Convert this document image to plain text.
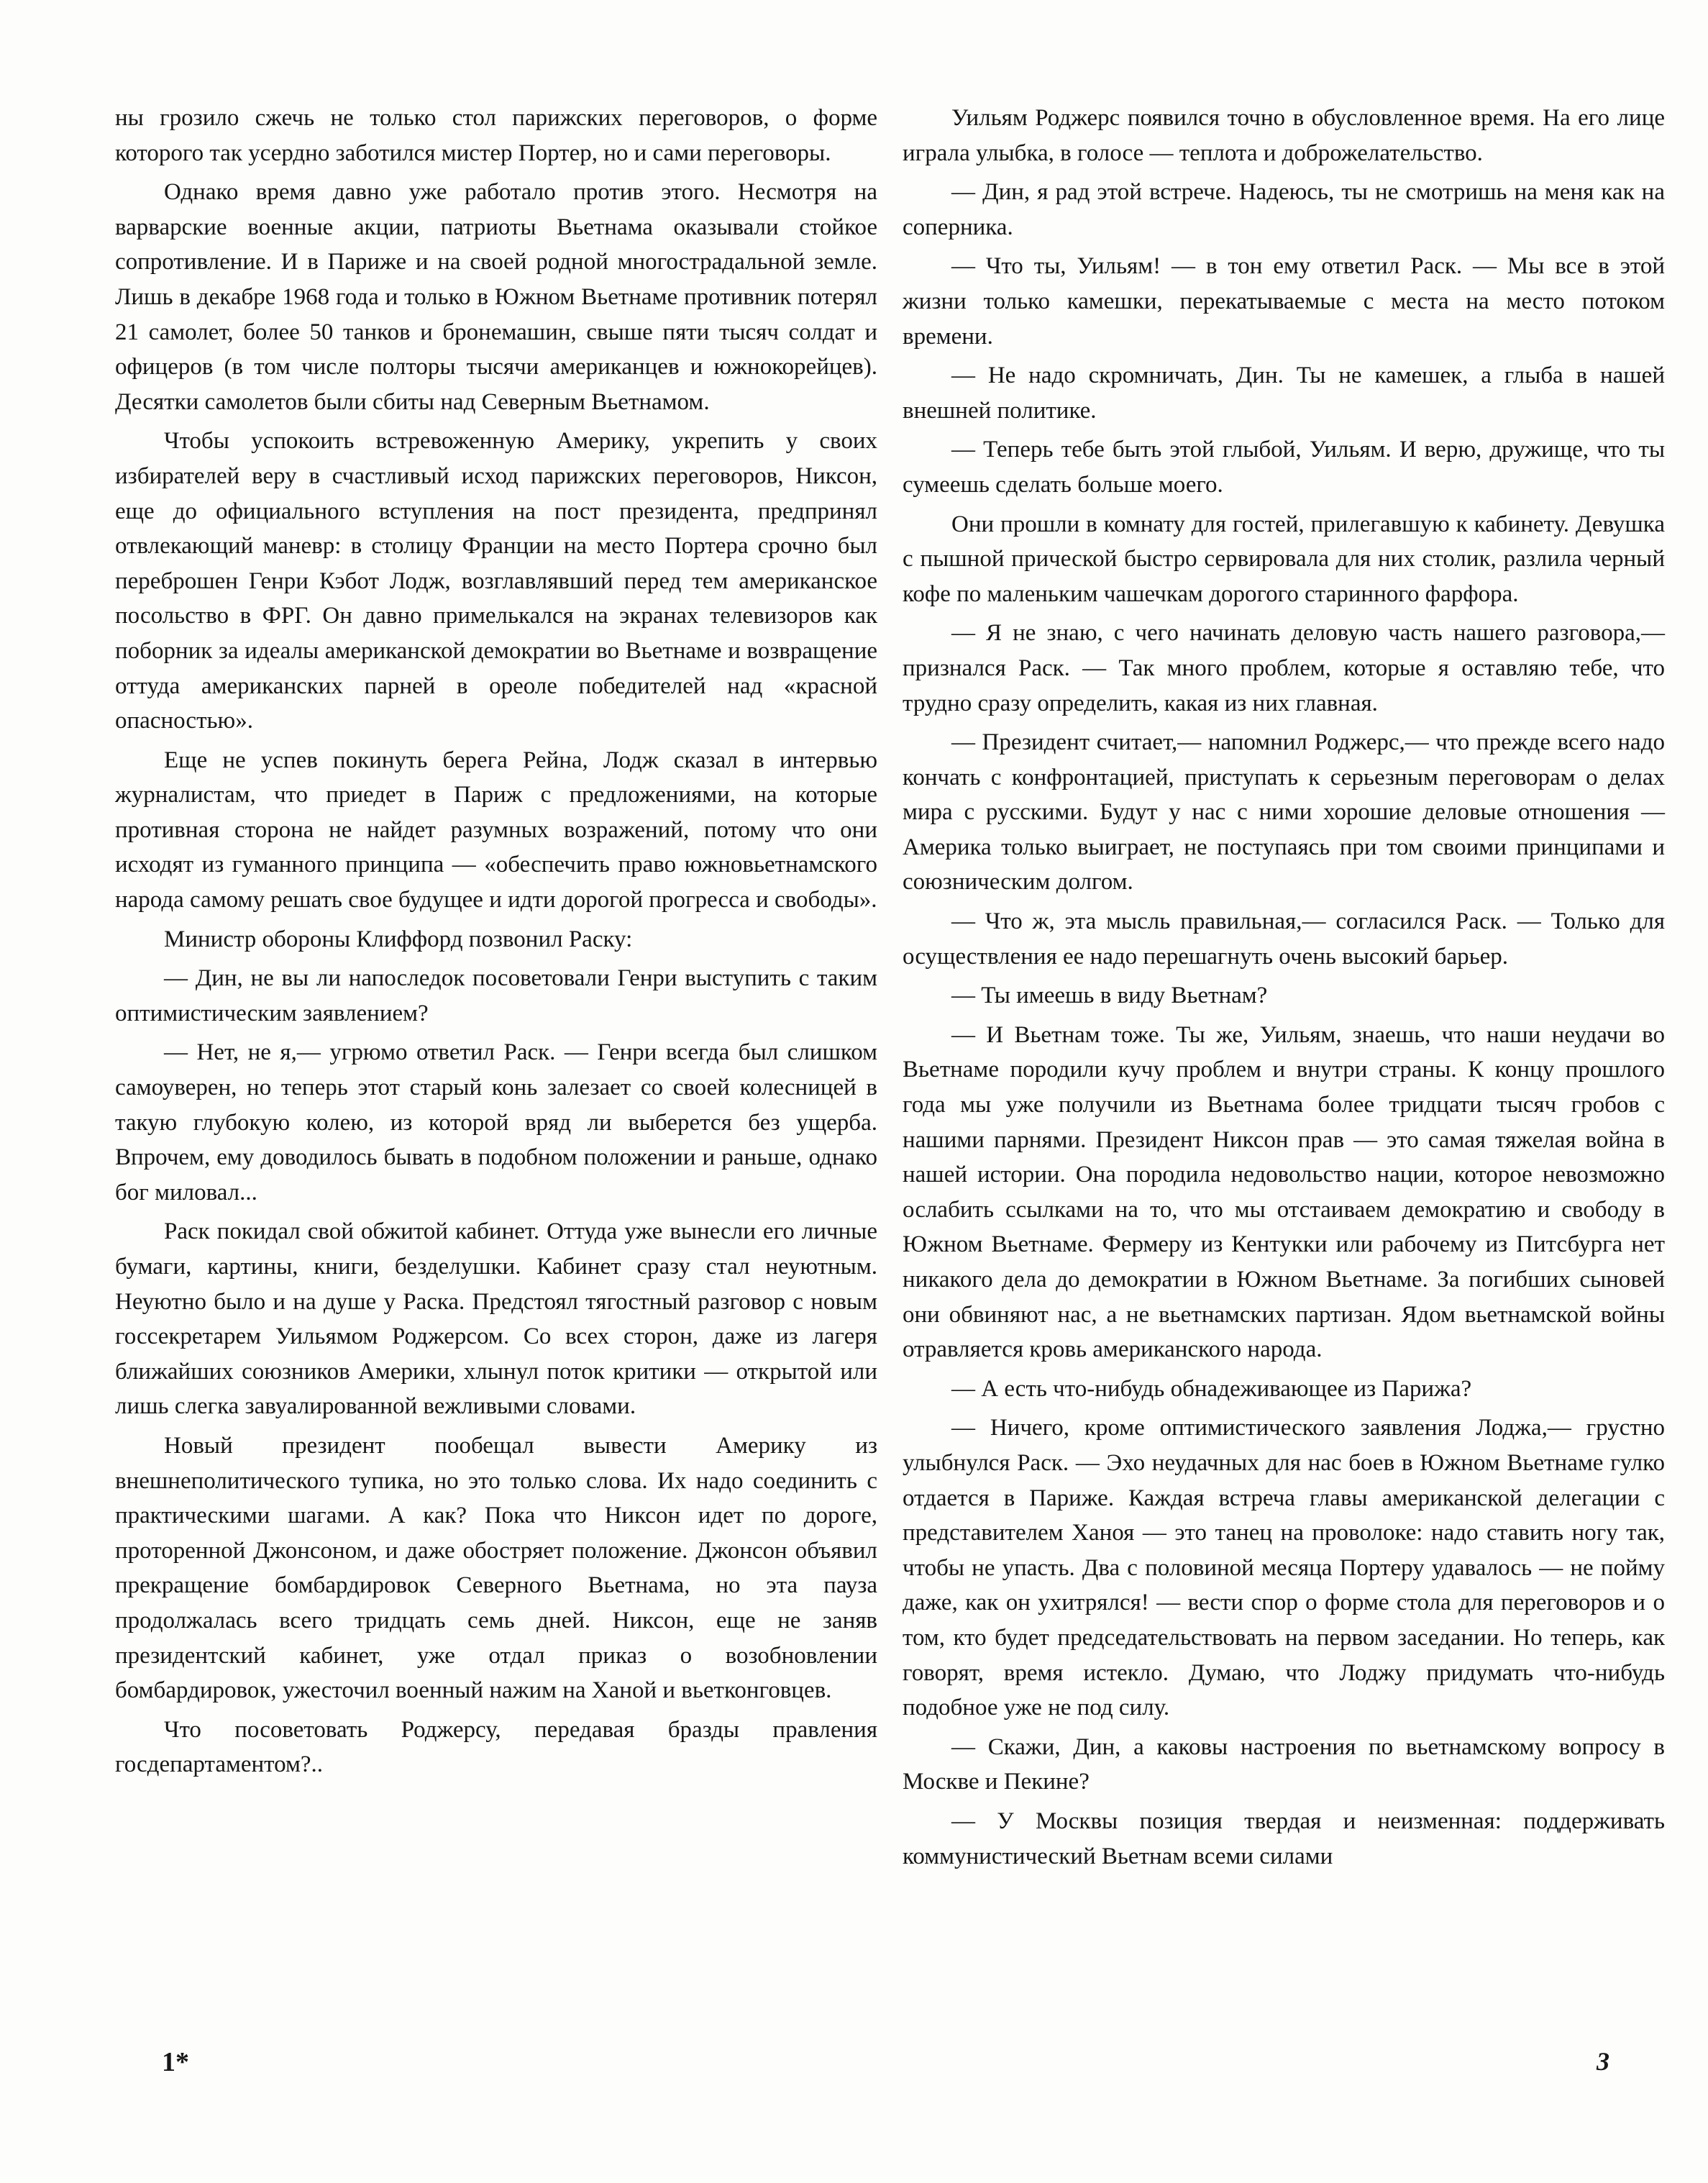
ны грозило сжечь не только стол парижских переговоров, о форме которого так усердно заботился мистер Портер, но и сами переговоры.

Однако время давно уже работало против этого. Несмотря на варварские военные акции, патриоты Вьетнама оказывали стойкое сопротивление. И в Париже и на своей родной многострадальной земле. Лишь в декабре 1968 года и только в Южном Вьетнаме противник потерял 21 самолет, более 50 танков и бронемашин, свыше пяти тысяч солдат и офицеров (в том числе полторы тысячи американцев и южнокорейцев). Десятки самолетов были сбиты над Северным Вьетнамом.

Чтобы успокоить встревоженную Америку, укрепить у своих избирателей веру в счастливый исход парижских переговоров, Никсон, еще до официального вступления на пост президента, предпринял отвлекающий маневр: в столицу Франции на место Портера срочно был переброшен Генри Кэбот Лодж, возглавлявший перед тем американское посольство в ФРГ. Он давно примелькался на экранах телевизоров как поборник за идеалы американской демократии во Вьетнаме и возвращение оттуда американских парней в ореоле победителей над «красной опасностью».

Еще не успев покинуть берега Рейна, Лодж сказал в интервью журналистам, что приедет в Париж с предложениями, на которые противная сторона не найдет разумных возражений, потому что они исходят из гуманного принципа — «обеспечить право южновьетнамского народа самому решать свое будущее и идти дорогой прогресса и свободы».

Министр обороны Клиффорд позвонил Раску:

— Дин, не вы ли напоследок посоветовали Генри выступить с таким оптимистическим заявлением?

— Нет, не я,— угрюмо ответил Раск. — Генри всегда был слишком самоуверен, но теперь этот старый конь залезает со своей колесницей в такую глубокую колею, из которой вряд ли выберется без ущерба. Впрочем, ему доводилось бывать в подобном положении и раньше, однако бог миловал...

Раск покидал свой обжитой кабинет. Оттуда уже вынесли его личные бумаги, картины, книги, безделушки. Кабинет сразу стал неуютным. Неуютно было и на душе у Раска. Предстоял тягостный разговор с новым госсекретарем Уильямом Роджерсом. Со всех сторон, даже из лагеря ближайших союзников Америки, хлынул поток критики — открытой или лишь слегка завуалированной вежливыми словами.

Новый президент пообещал вывести Америку из внешнеполитического тупика, но это только слова. Их надо соединить с практическими шагами. А как? Пока что Никсон идет по дороге, проторенной Джонсоном, и даже обостряет положение. Джонсон объявил прекращение бомбардировок Северного Вьетнама, но эта пауза продолжалась всего тридцать семь дней. Никсон, еще не заняв президентский кабинет, уже отдал приказ о возобновлении бомбардировок, ужесточил военный нажим на Ханой и вьетконговцев.

Что посоветовать Роджерсу, передавая бразды правления госдепартаментом?..

Уильям Роджерс появился точно в обусловленное время. На его лице играла улыбка, в голосе — теплота и доброжелательство.

— Дин, я рад этой встрече. Надеюсь, ты не смотришь на меня как на соперника.

— Что ты, Уильям! — в тон ему ответил Раск. — Мы все в этой жизни только камешки, перекатываемые с места на место потоком времени.

— Не надо скромничать, Дин. Ты не камешек, а глыба в нашей внешней политике.

— Теперь тебе быть этой глыбой, Уильям. И верю, дружище, что ты сумеешь сделать больше моего.

Они прошли в комнату для гостей, прилегавшую к кабинету. Девушка с пышной прической быстро сервировала для них столик, разлила черный кофе по маленьким чашечкам дорогого старинного фарфора.

— Я не знаю, с чего начинать деловую часть нашего разговора,— признался Раск. — Так много проблем, которые я оставляю тебе, что трудно сразу определить, какая из них главная.

— Президент считает,— напомнил Роджерс,— что прежде всего надо кончать с конфронтацией, приступать к серьезным переговорам о делах мира с русскими. Будут у нас с ними хорошие деловые отношения — Америка только выиграет, не поступаясь при том своими принципами и союзническим долгом.

— Что ж, эта мысль правильная,— согласился Раск. — Только для осуществления ее надо перешагнуть очень высокий барьер.

— Ты имеешь в виду Вьетнам?

— И Вьетнам тоже. Ты же, Уильям, знаешь, что наши неудачи во Вьетнаме породили кучу проблем и внутри страны. К концу прошлого года мы уже получили из Вьетнама более тридцати тысяч гробов с нашими парнями. Президент Никсон прав — это самая тяжелая война в нашей истории. Она породила недовольство нации, которое невозможно ослабить ссылками на то, что мы отстаиваем демократию и свободу в Южном Вьетнаме. Фермеру из Кентукки или рабочему из Питсбурга нет никакого дела до демократии в Южном Вьетнаме. За погибших сыновей они обвиняют нас, а не вьетнамских партизан. Ядом вьетнамской войны отравляется кровь американского народа.

— А есть что-нибудь обнадеживающее из Парижа?

— Ничего, кроме оптимистического заявления Лоджа,— грустно улыбнулся Раск. — Эхо неудачных для нас боев в Южном Вьетнаме гулко отдается в Париже. Каждая встреча главы американской делегации с представителем Ханоя — это танец на проволоке: надо ставить ногу так, чтобы не упасть. Два с половиной месяца Портеру удавалось — не пойму даже, как он ухитрялся! — вести спор о форме стола для переговоров и о том, кто будет председательствовать на первом заседании. Но теперь, как говорят, время истекло. Думаю, что Лоджу придумать что-нибудь подобное уже не под силу.

— Скажи, Дин, а каковы настроения по вьетнамскому вопросу в Москве и Пекине?

— У Москвы позиция твердая и неизменная: поддерживать коммунистический Вьетнам всеми силами

1*	3
